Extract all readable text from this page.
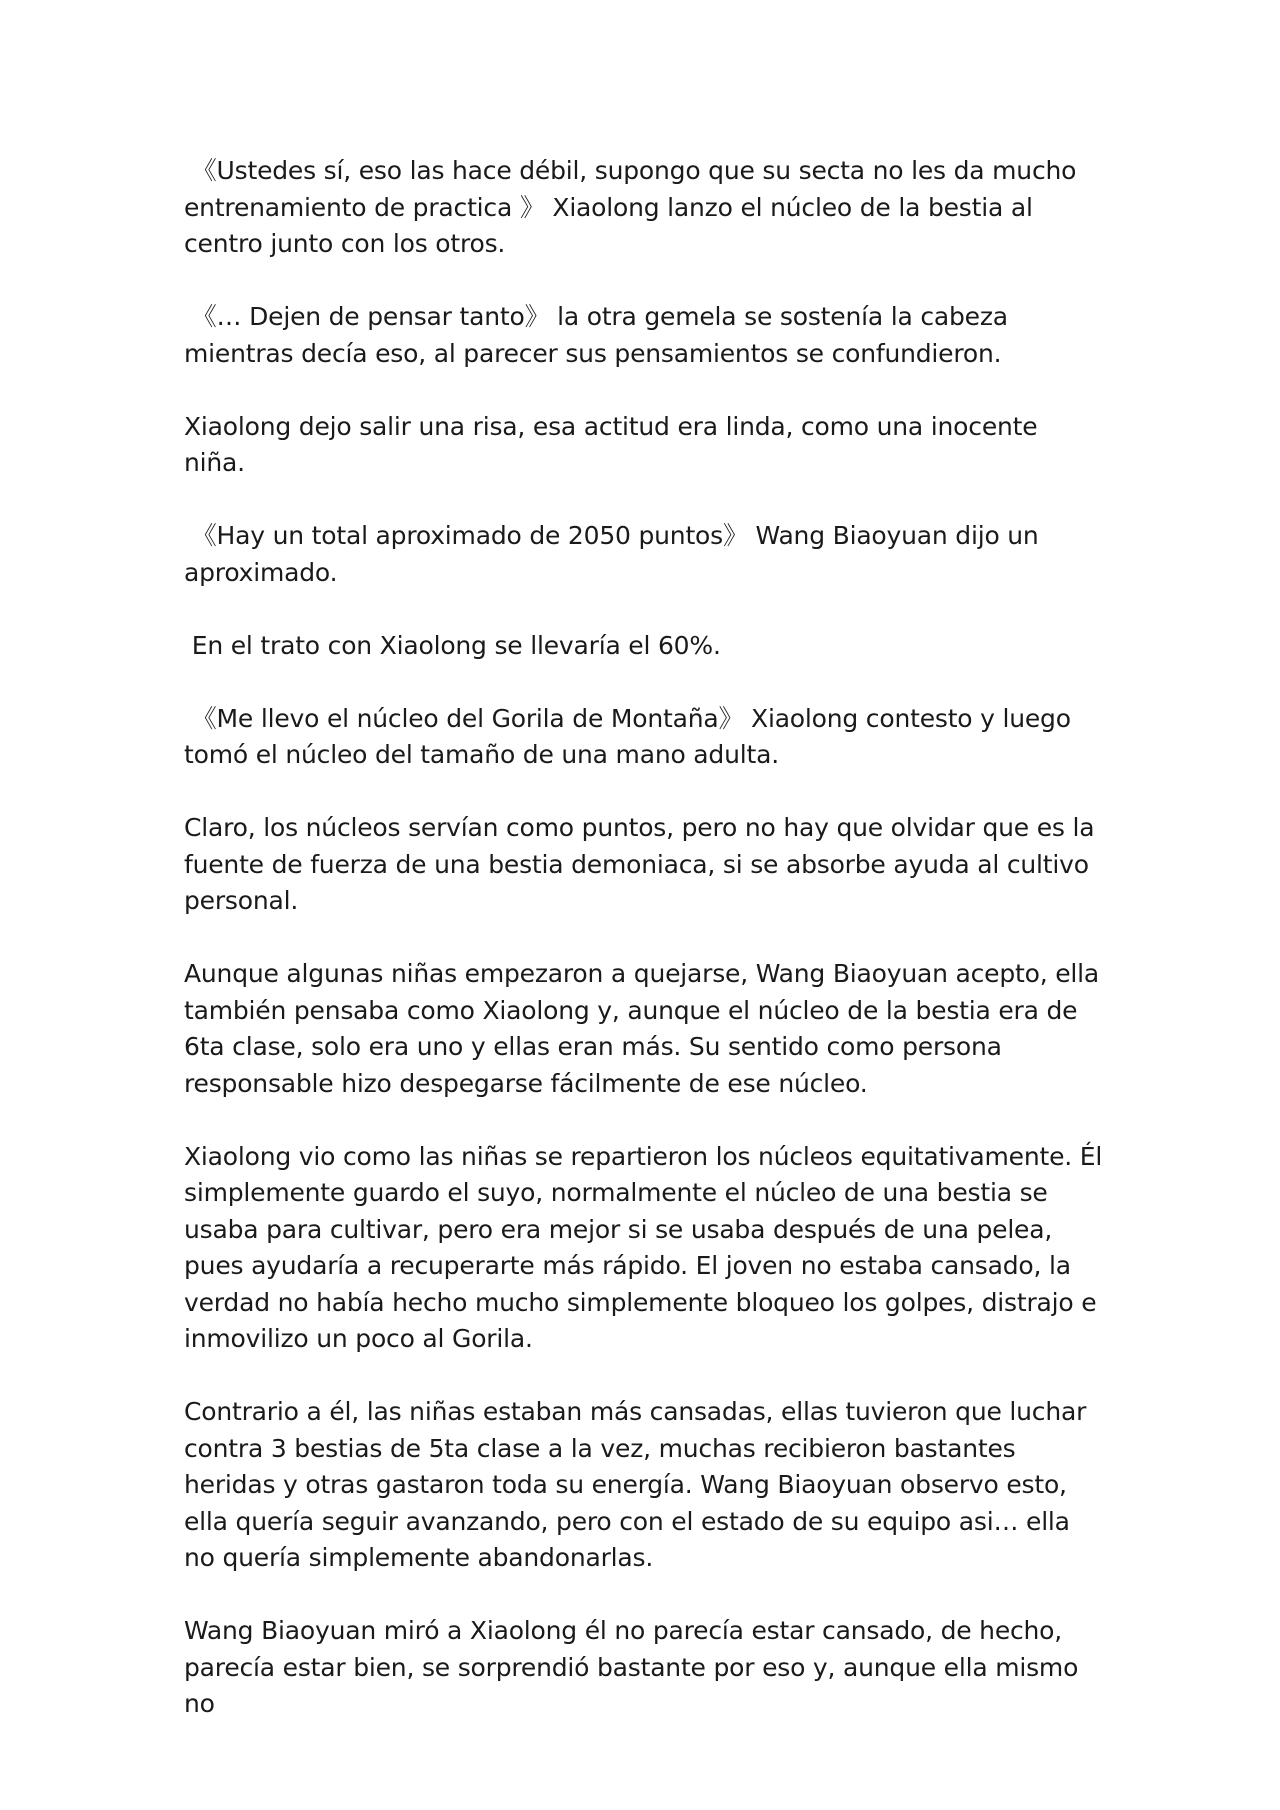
《Ustedes sí, eso las hace débil, supongo que su secta no les da mucho entrenamiento de practica 》 Xiaolong lanzo el núcleo de la bestia al centro junto con los otros.

《… Dejen de pensar tanto》 la otra gemela se sostenía la cabeza mientras decía eso, al parecer sus pensamientos se confundieron.

Xiaolong dejo salir una risa, esa actitud era linda, como una inocente niña.

《Hay un total aproximado de 2050 puntos》 Wang Biaoyuan dijo un aproximado.

En el trato con Xiaolong se llevaría el 60%.

《Me llevo el núcleo del Gorila de Montaña》 Xiaolong contesto y luego tomó el núcleo del tamaño de una mano adulta.

Claro, los núcleos servían como puntos, pero no hay que olvidar que es la fuente de fuerza de una bestia demoniaca, si se absorbe ayuda al cultivo personal.

Aunque algunas niñas empezaron a quejarse, Wang Biaoyuan acepto, ella también pensaba como Xiaolong y, aunque el núcleo de la bestia era de 6ta clase, solo era uno y ellas eran más. Su sentido como persona responsable hizo despegarse fácilmente de ese núcleo.

Xiaolong vio como las niñas se repartieron los núcleos equitativamente. Él simplemente guardo el suyo, normalmente el núcleo de una bestia se usaba para cultivar, pero era mejor si se usaba después de una pelea, pues ayudaría a recuperarte más rápido. El joven no estaba cansado, la verdad no había hecho mucho simplemente bloqueo los golpes, distrajo e inmovilizo un poco al Gorila.

Contrario a él, las niñas estaban más cansadas, ellas tuvieron que luchar contra 3 bestias de 5ta clase a la vez, muchas recibieron bastantes heridas y otras gastaron toda su energía. Wang Biaoyuan observo esto, ella quería seguir avanzando, pero con el estado de su equipo asi… ella no quería simplemente abandonarlas.

Wang Biaoyuan miró a Xiaolong él no parecía estar cansado, de hecho, parecía estar bien, se sorprendió bastante por eso y, aunque ella mismo no
